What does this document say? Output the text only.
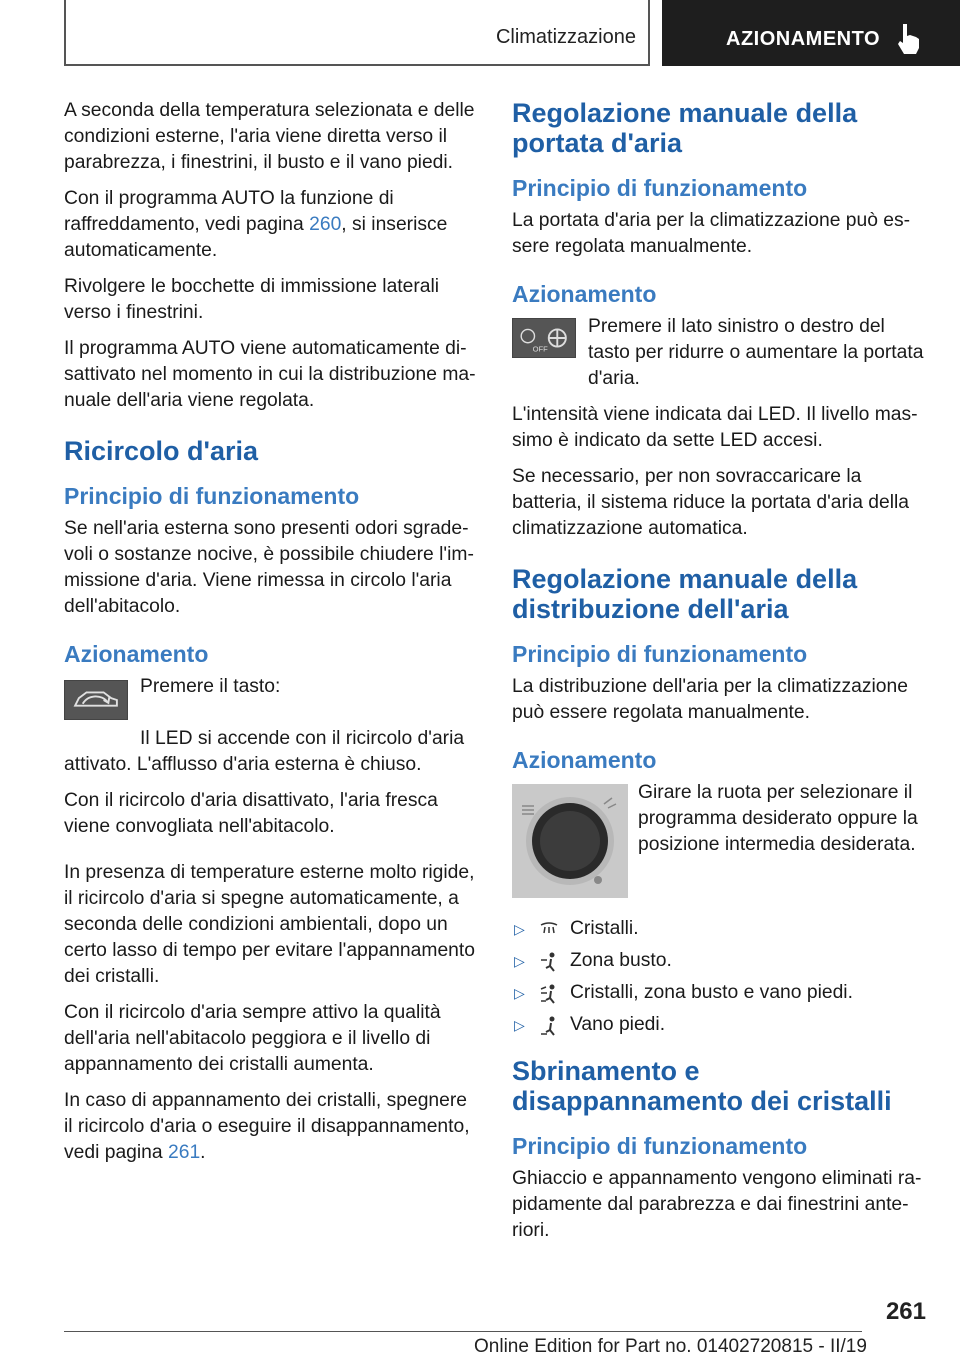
Climatizzazione	AZIONAMENTO

A seconda della temperatura selezionata e delle condizioni esterne, l'aria viene diretta verso il parabrezza, i finestrini, il busto e il vano piedi.

Con il programma AUTO la funzione di raffreddamento, vedi pagina 260, si inserisce automaticamente.

Rivolgere le bocchette di immissione laterali verso i finestrini.

Il programma AUTO viene automaticamente disattivato nel momento in cui la distribuzione manuale dell'aria viene regolata.

Ricircolo d'aria
Principio di funzionamento

Se nell'aria esterna sono presenti odori sgradevoli o sostanze nocive, è possibile chiudere l'immissione d'aria. Viene rimessa in circolo l'aria dell'abitacolo.

Azionamento

Premere il tasto:

Il LED si accende con il ricircolo d'aria attivato. L'afflusso d'aria esterna è chiuso.

Con il ricircolo d'aria disattivato, l'aria fresca viene convogliata nell'abitacolo.

In presenza di temperature esterne molto rigide, il ricircolo d'aria si spegne automaticamente, a seconda delle condizioni ambientali, dopo un certo lasso di tempo per evitare l'appannamento dei cristalli.

Con il ricircolo d'aria sempre attivo la qualità dell'aria nell'abitacolo peggiora e il livello di appannamento dei cristalli aumenta.

In caso di appannamento dei cristalli, spegnere il ricircolo d'aria o eseguire il disappannamento, vedi pagina 261.

Regolazione manuale della portata d'aria
Principio di funzionamento

La portata d'aria per la climatizzazione può essere regolata manualmente.

Azionamento
OFF

Premere il lato sinistro o destro del tasto per ridurre o aumentare la portata d'aria.

L'intensità viene indicata dai LED. Il livello massimo è indicato da sette LED accesi.

Se necessario, per non sovraccaricare la batteria, il sistema riduce la portata d'aria della climatizzazione automatica.

Regolazione manuale della distribuzione dell'aria
Principio di funzionamento

La distribuzione dell'aria per la climatizzazione può essere regolata manualmente.

Azionamento

Girare la ruota per selezionare il programma desiderato oppure la posizione intermedia desiderata.

▷ Cristalli.
▷ Zona busto.
▷ Cristalli, zona busto e vano piedi.
▷ Vano piedi.
Sbrinamento e disappannamento dei cristalli
Principio di funzionamento

Ghiaccio e appannamento vengono eliminati rapidamente dal parabrezza e dai finestrini anteriori.

261
Online Edition for Part no. 01402720815 - II/19
